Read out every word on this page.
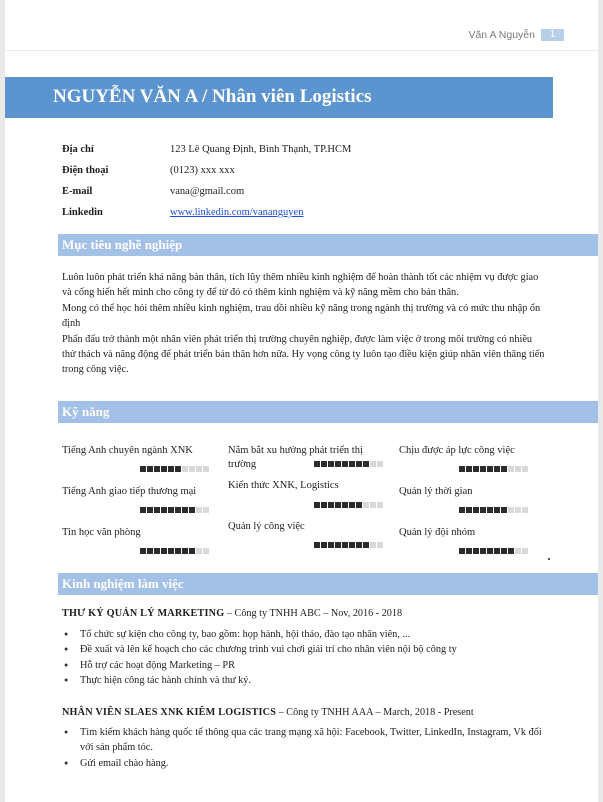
Văn A Nguyễn	1
NGUYỄN VĂN A / Nhân viên Logistics
Địa chỉ	123 Lê Quang Định, Bình Thạnh, TP.HCM
Điện thoại	(0123) xxx xxx
E-mail	vana@gmail.com
Linkedin	www.linkedin.com/vananguyen
Mục tiêu nghề nghiệp

Luôn luôn phát triển khả năng bản thân, tích lũy thêm nhiều kinh nghiệm để hoàn thành tốt các nhiệm vụ được giao và cống hiến hết mình cho công ty để từ đó có thêm kinh nghiệm và kỹ năng mềm cho bản thân.

Mong có thể học hỏi thêm nhiều kinh nghiệm, trau dồi nhiều kỹ năng trong ngành thị trường và có mức thu nhập ổn định

Phấn đấu trở thành một nhân viên phát triển thị trường chuyên nghiệp, được làm việc ở trong môi trường có nhiều thử thách và năng động để phát triển bản thân hơn nữa. Hy vọng công ty luôn tạo điều kiện giúp nhân viên thăng tiến trong công việc.

Kỹ năng
Tiếng Anh chuyên ngành XNK	Nắm bắt xu hướng phát triển thị trường
Chịu được áp lực công việc
Tiếng Anh giao tiếp thương mại
Kiến thức XNK, Logistics
Quản lý thời gian
Tin học văn phòng
Quản lý công việc
Quản lý đội nhóm
Kinh nghiệm làm việc
THƯ KÝ QUẢN LÝ MARKETING – Công ty TNHH ABC – Nov, 2016 - 2018
● Tổ chức sự kiện cho công ty, bao gồm: họp hành, hội thảo, đào tạo nhân viên, ...
● Đề xuất và lên kế hoạch cho các chương trình vui chơi giải trí cho nhân viên nội bộ công ty
● Hỗ trợ các hoạt động Marketing – PR
● Thực hiện công tác hành chính và thư ký.
NHÂN VIÊN SLAES XNK KIÊM LOGISTICS – Công ty TNHH AAA – March, 2018 - Present
● Tìm kiếm khách hàng quốc tế thông qua các trang mạng xã hội: Facebook, Twitter, LinkedIn, Instagram, Vk đối với sản phẩm tóc.
● Gửi email chào hàng.
